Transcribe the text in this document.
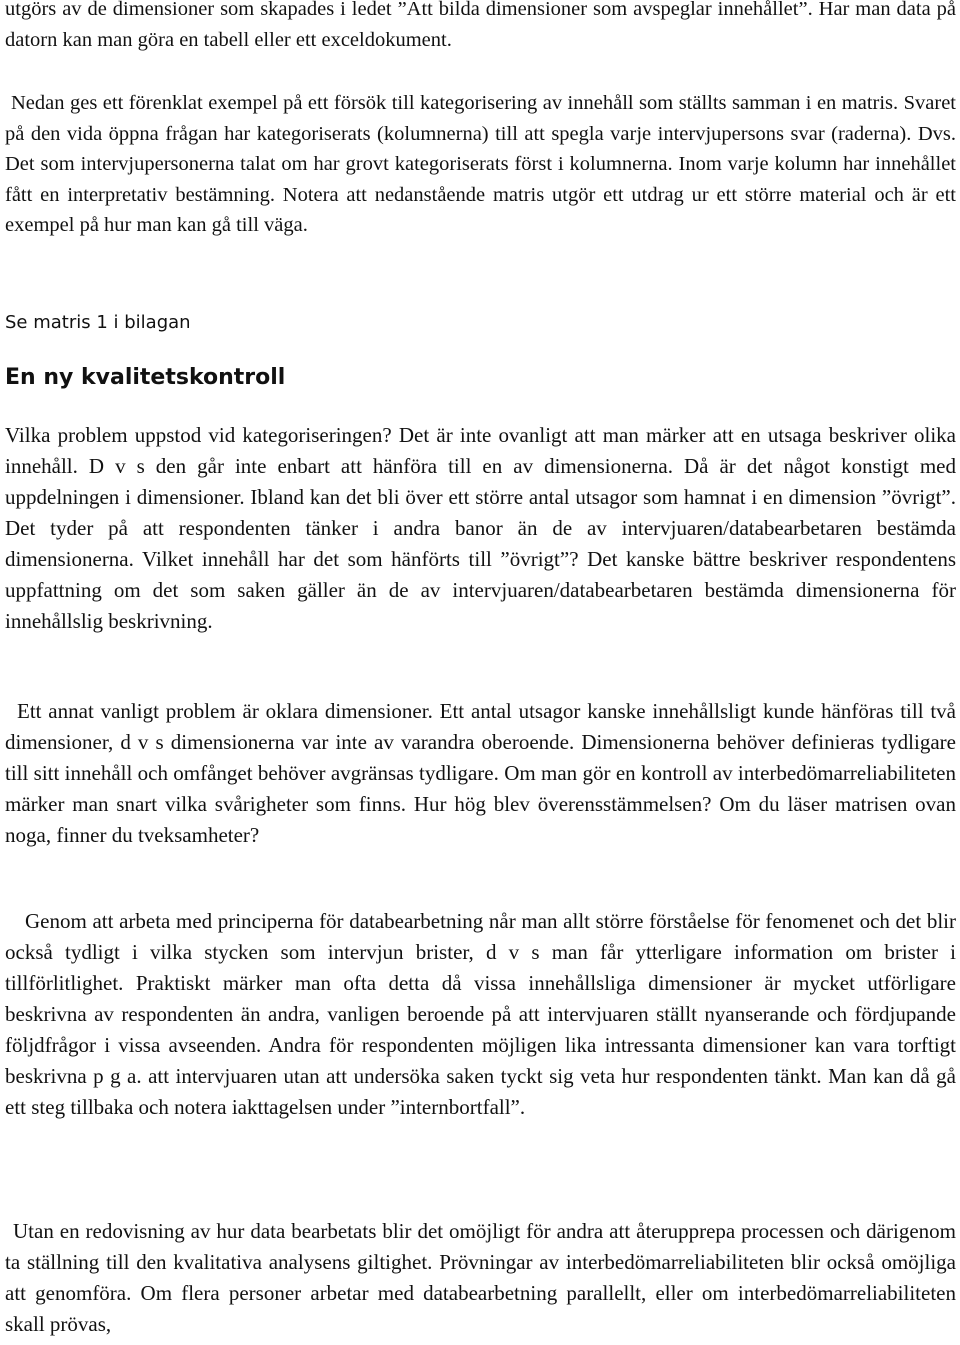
utgörs av de dimensioner som skapades i ledet ”Att bilda dimensioner som avspeglar innehållet”. Har man data på datorn kan man göra en tabell eller ett exceldokument.

Nedan ges ett förenklat exempel på ett försök till kategorisering av innehåll som ställts samman i en matris. Svaret på den vida öppna frågan har kategoriserats (kolumnerna) till att spegla varje intervjupersons svar (raderna). Dvs. Det som intervjupersonerna talat om har grovt kategoriserats först i kolumnerna. Inom varje kolumn har innehållet fått en interpretativ bestämning. Notera att nedanstående matris utgör ett utdrag ur ett större material och är ett exempel på hur man kan gå till väga.

Se matris 1 i bilagan

En ny kvalitetskontroll

Vilka problem uppstod vid kategoriseringen? Det är inte ovanligt att man märker att en utsaga beskriver olika innehåll. D v s den går inte enbart att hänföra till en av dimensionerna. Då är det något konstigt med uppdelningen i dimensioner. Ibland kan det bli över ett större antal utsagor som hamnat i en dimension ”övrigt”. Det tyder på att respondenten tänker i andra banor än de av intervjuaren/databearbetaren bestämda dimensionerna. Vilket innehåll har det som hänförts till ”övrigt”? Det kanske bättre beskriver respondentens uppfattning om det som saken gäller än de av intervjuaren/databearbetaren bestämda dimensionerna för innehållslig beskrivning.

Ett annat vanligt problem är oklara dimensioner. Ett antal utsagor kanske innehållsligt kunde hänföras till två dimensioner, d v s dimensionerna var inte av varandra oberoende. Dimensionerna behöver definieras tydligare till sitt innehåll och omfånget behöver avgränsas tydligare. Om man gör en kontroll av interbedömarreliabiliteten märker man snart vilka svårigheter som finns. Hur hög blev överensstämmelsen? Om du läser matrisen ovan noga, finner du tveksamheter?

Genom att arbeta med principerna för databearbetning når man allt större förståelse för fenomenet och det blir också tydligt i vilka stycken som intervjun brister, d v s man får ytterligare information om brister i tillförlitlighet. Praktiskt märker man ofta detta då vissa innehållsliga dimensioner är mycket utförligare beskrivna av respondenten än andra, vanligen beroende på att intervjuaren ställt nyanserande och fördjupande följdfrågor i vissa avseenden. Andra för respondenten möjligen lika intressanta dimensioner kan vara torftigt beskrivna p g a. att intervjuaren utan att undersöka saken tyckt sig veta hur respondenten tänkt. Man kan då gå ett steg tillbaka och notera iakttagelsen under ”internbortfall”.

Utan en redovisning av hur data bearbetats blir det omöjligt för andra att återupprepa processen och därigenom ta ställning till den kvalitativa analysens giltighet. Prövningar av interbedömarreliabiliteten blir också omöjliga att genomföra. Om flera personer arbetar med databearbetning parallellt, eller om interbedömarreliabiliteten skall prövas,
